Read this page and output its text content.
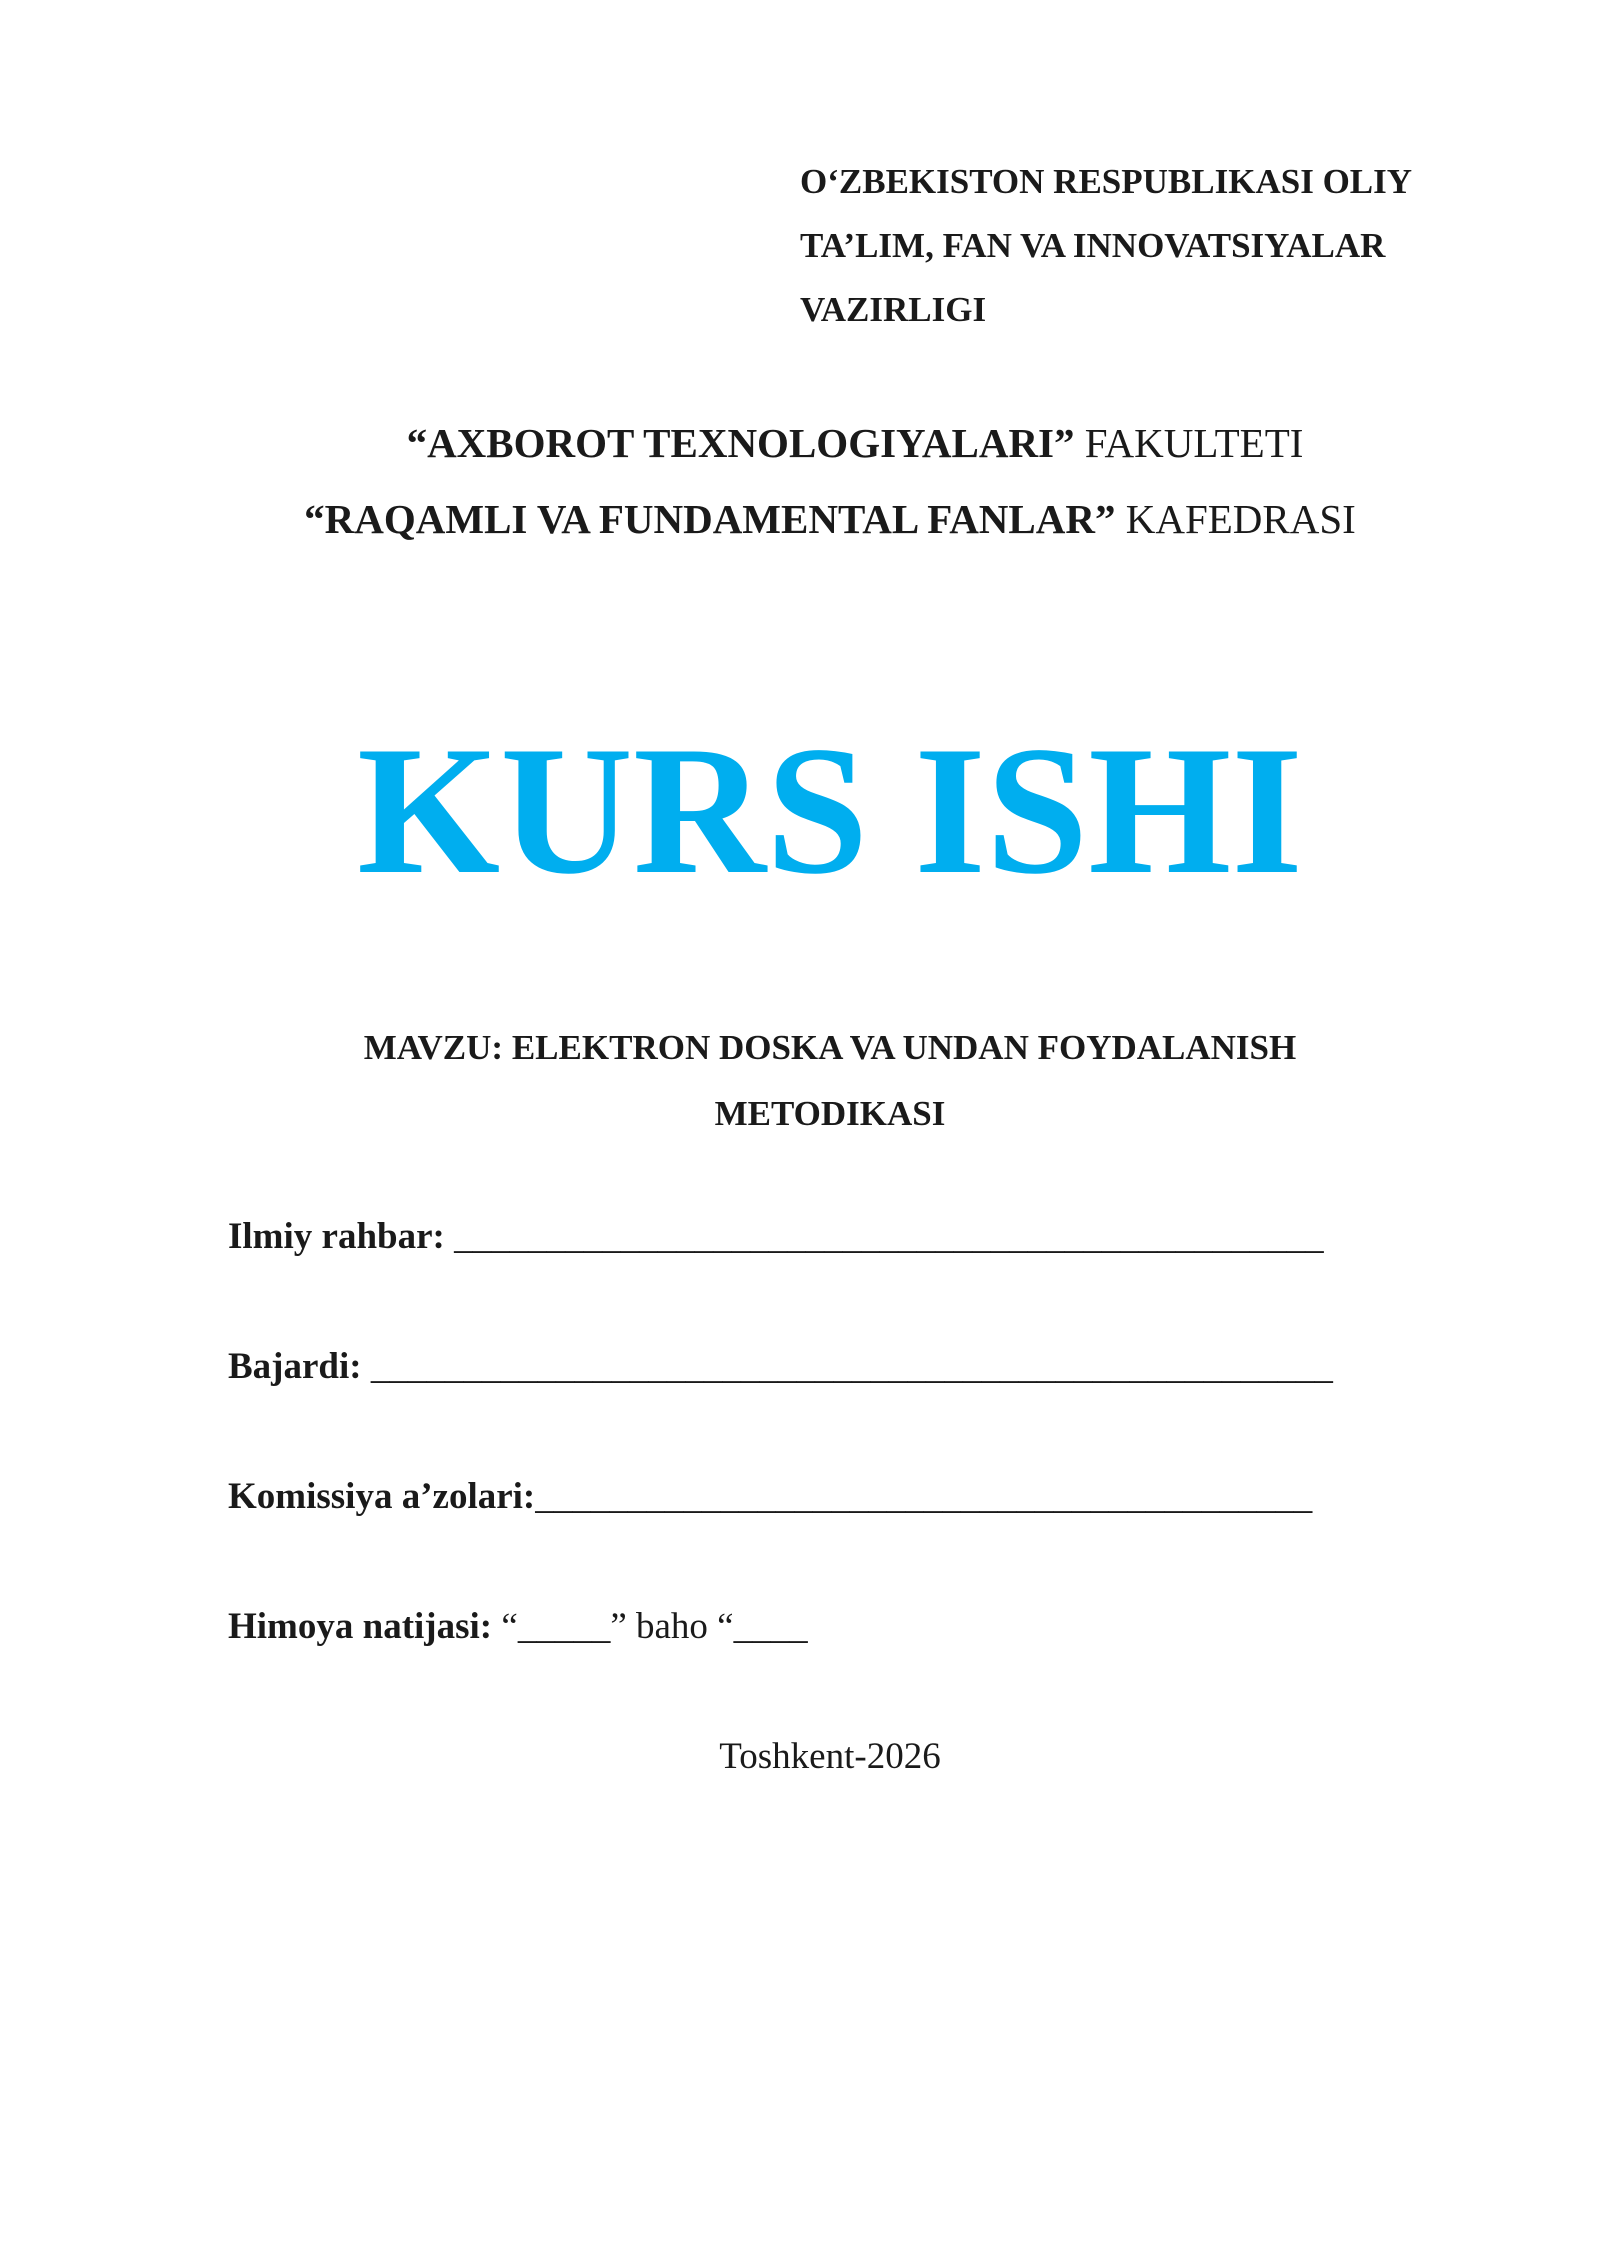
O‘ZBEKISTON RESPUBLIKASI OLIY
TA’LIM, FAN VA INNOVATSIYALAR
VAZIRLIGI
“AXBOROT TEXNOLOGIYALARI” FAKULTETI
“RAQAMLI VA FUNDAMENTAL FANLAR” KAFEDRASI
KURS ISHI
MAVZU: ELEKTRON DOSKA VA UNDAN FOYDALANISH
METODIKASI
Ilmiy rahbar: _______________________________________________
Bajardi: ____________________________________________________
Komissiya a’zolari:__________________________________________
Himoya natijasi: “_____” baho “____
Toshkent-2026
